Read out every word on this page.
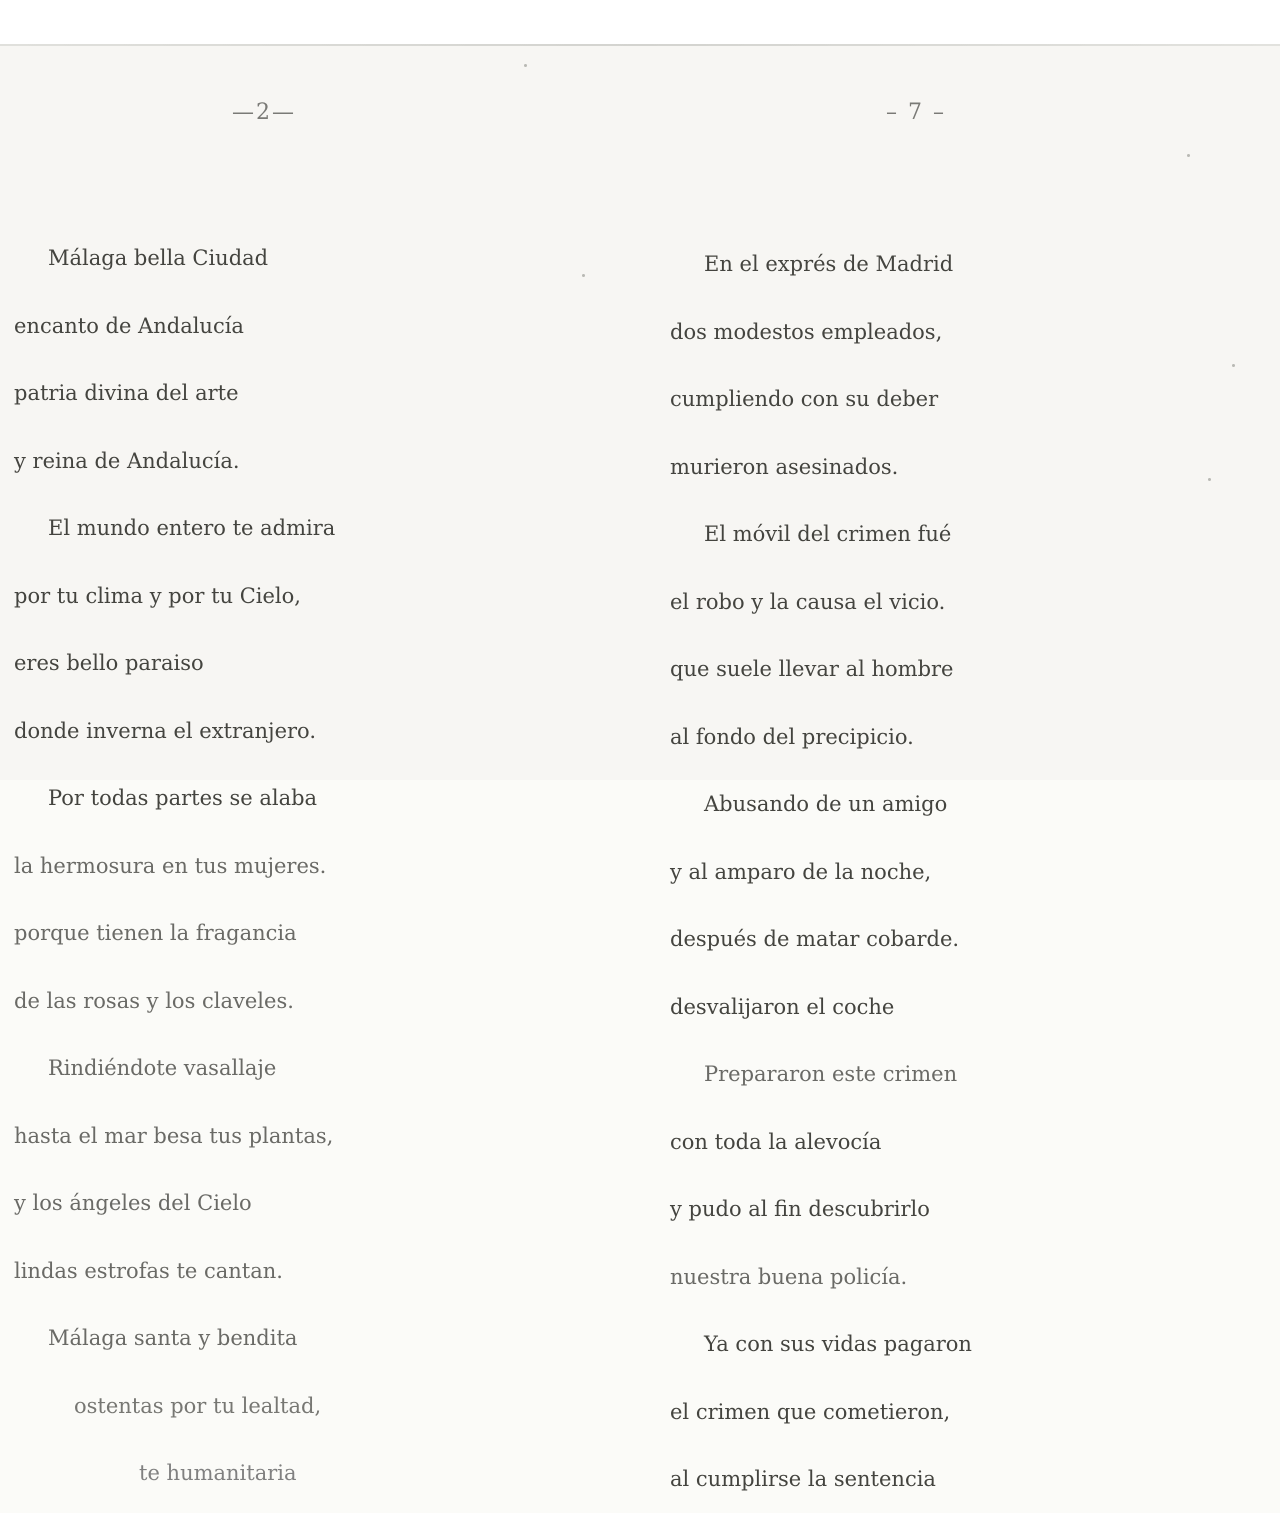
—2—	– 7 –

Málaga bella Ciudad

encanto de Andalucía

patria divina del arte

y reina de Andalucía.

El mundo entero te admira

por tu clima y por tu Cielo,

eres bello paraiso

donde inverna el extranjero.

Por todas partes se alaba

la hermosura en tus mujeres.

porque tienen la fragancia

de las rosas y los claveles.

Rindiéndote vasallaje

hasta el mar besa tus plantas,

y los ángeles del Cielo

lindas estrofas te cantan.

Málaga santa y bendita

ostentas por tu lealtad,

te humanitaria

En el exprés de Madrid

dos modestos empleados,

cumpliendo con su deber

murieron asesinados.

El móvil del crimen fué

el robo y la causa el vicio.

que suele llevar al hombre

al fondo del precipicio.

Abusando de un amigo

y al amparo de la noche,

después de matar cobarde.

desvalijaron el coche

Prepararon este crimen

con toda la alevocía

y pudo al fin descubrirlo

nuestra buena policía.

Ya con sus vidas pagaron

el crimen que cometieron,

al cumplirse la sentencia
